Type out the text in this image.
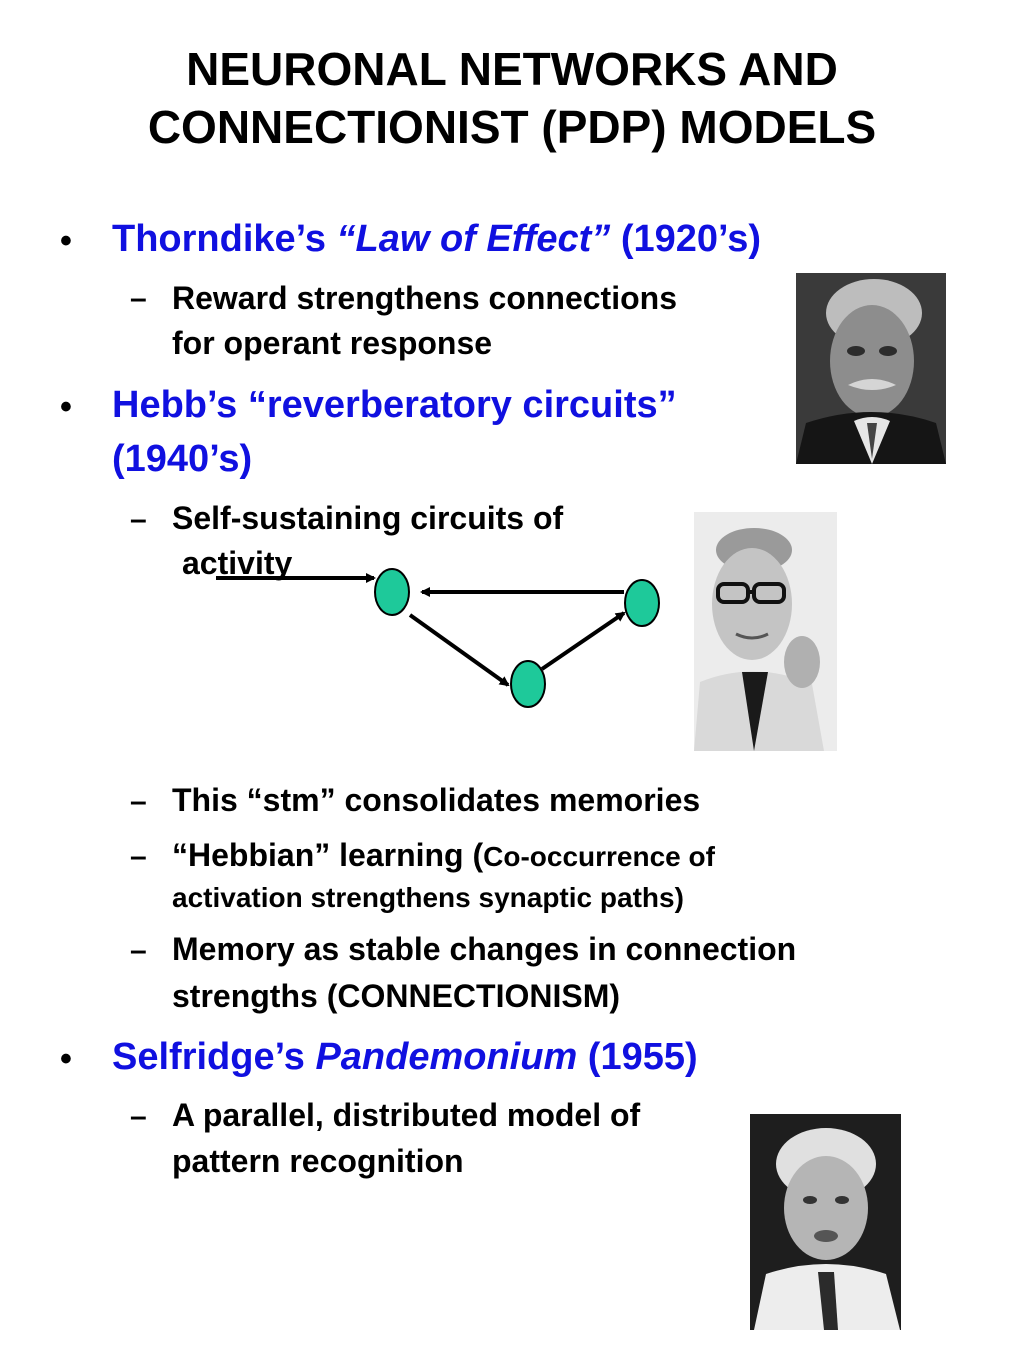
NEURONAL NETWORKS AND
CONNECTIONIST (PDP) MODELS
• Thorndike’s “Law of Effect” (1920’s)
– Reward strengthens connections
for operant response
• Hebb’s “reverberatory circuits”
(1940’s)
– Self-sustaining circuits of
activity
– This “stm” consolidates memories
– “Hebbian” learning (Co-occurrence of
activation strengthens synaptic paths)
– Memory as stable changes in connection
strengths (CONNECTIONISM)
• Selfridge’s Pandemonium (1955)
– A parallel, distributed model of
pattern recognition
